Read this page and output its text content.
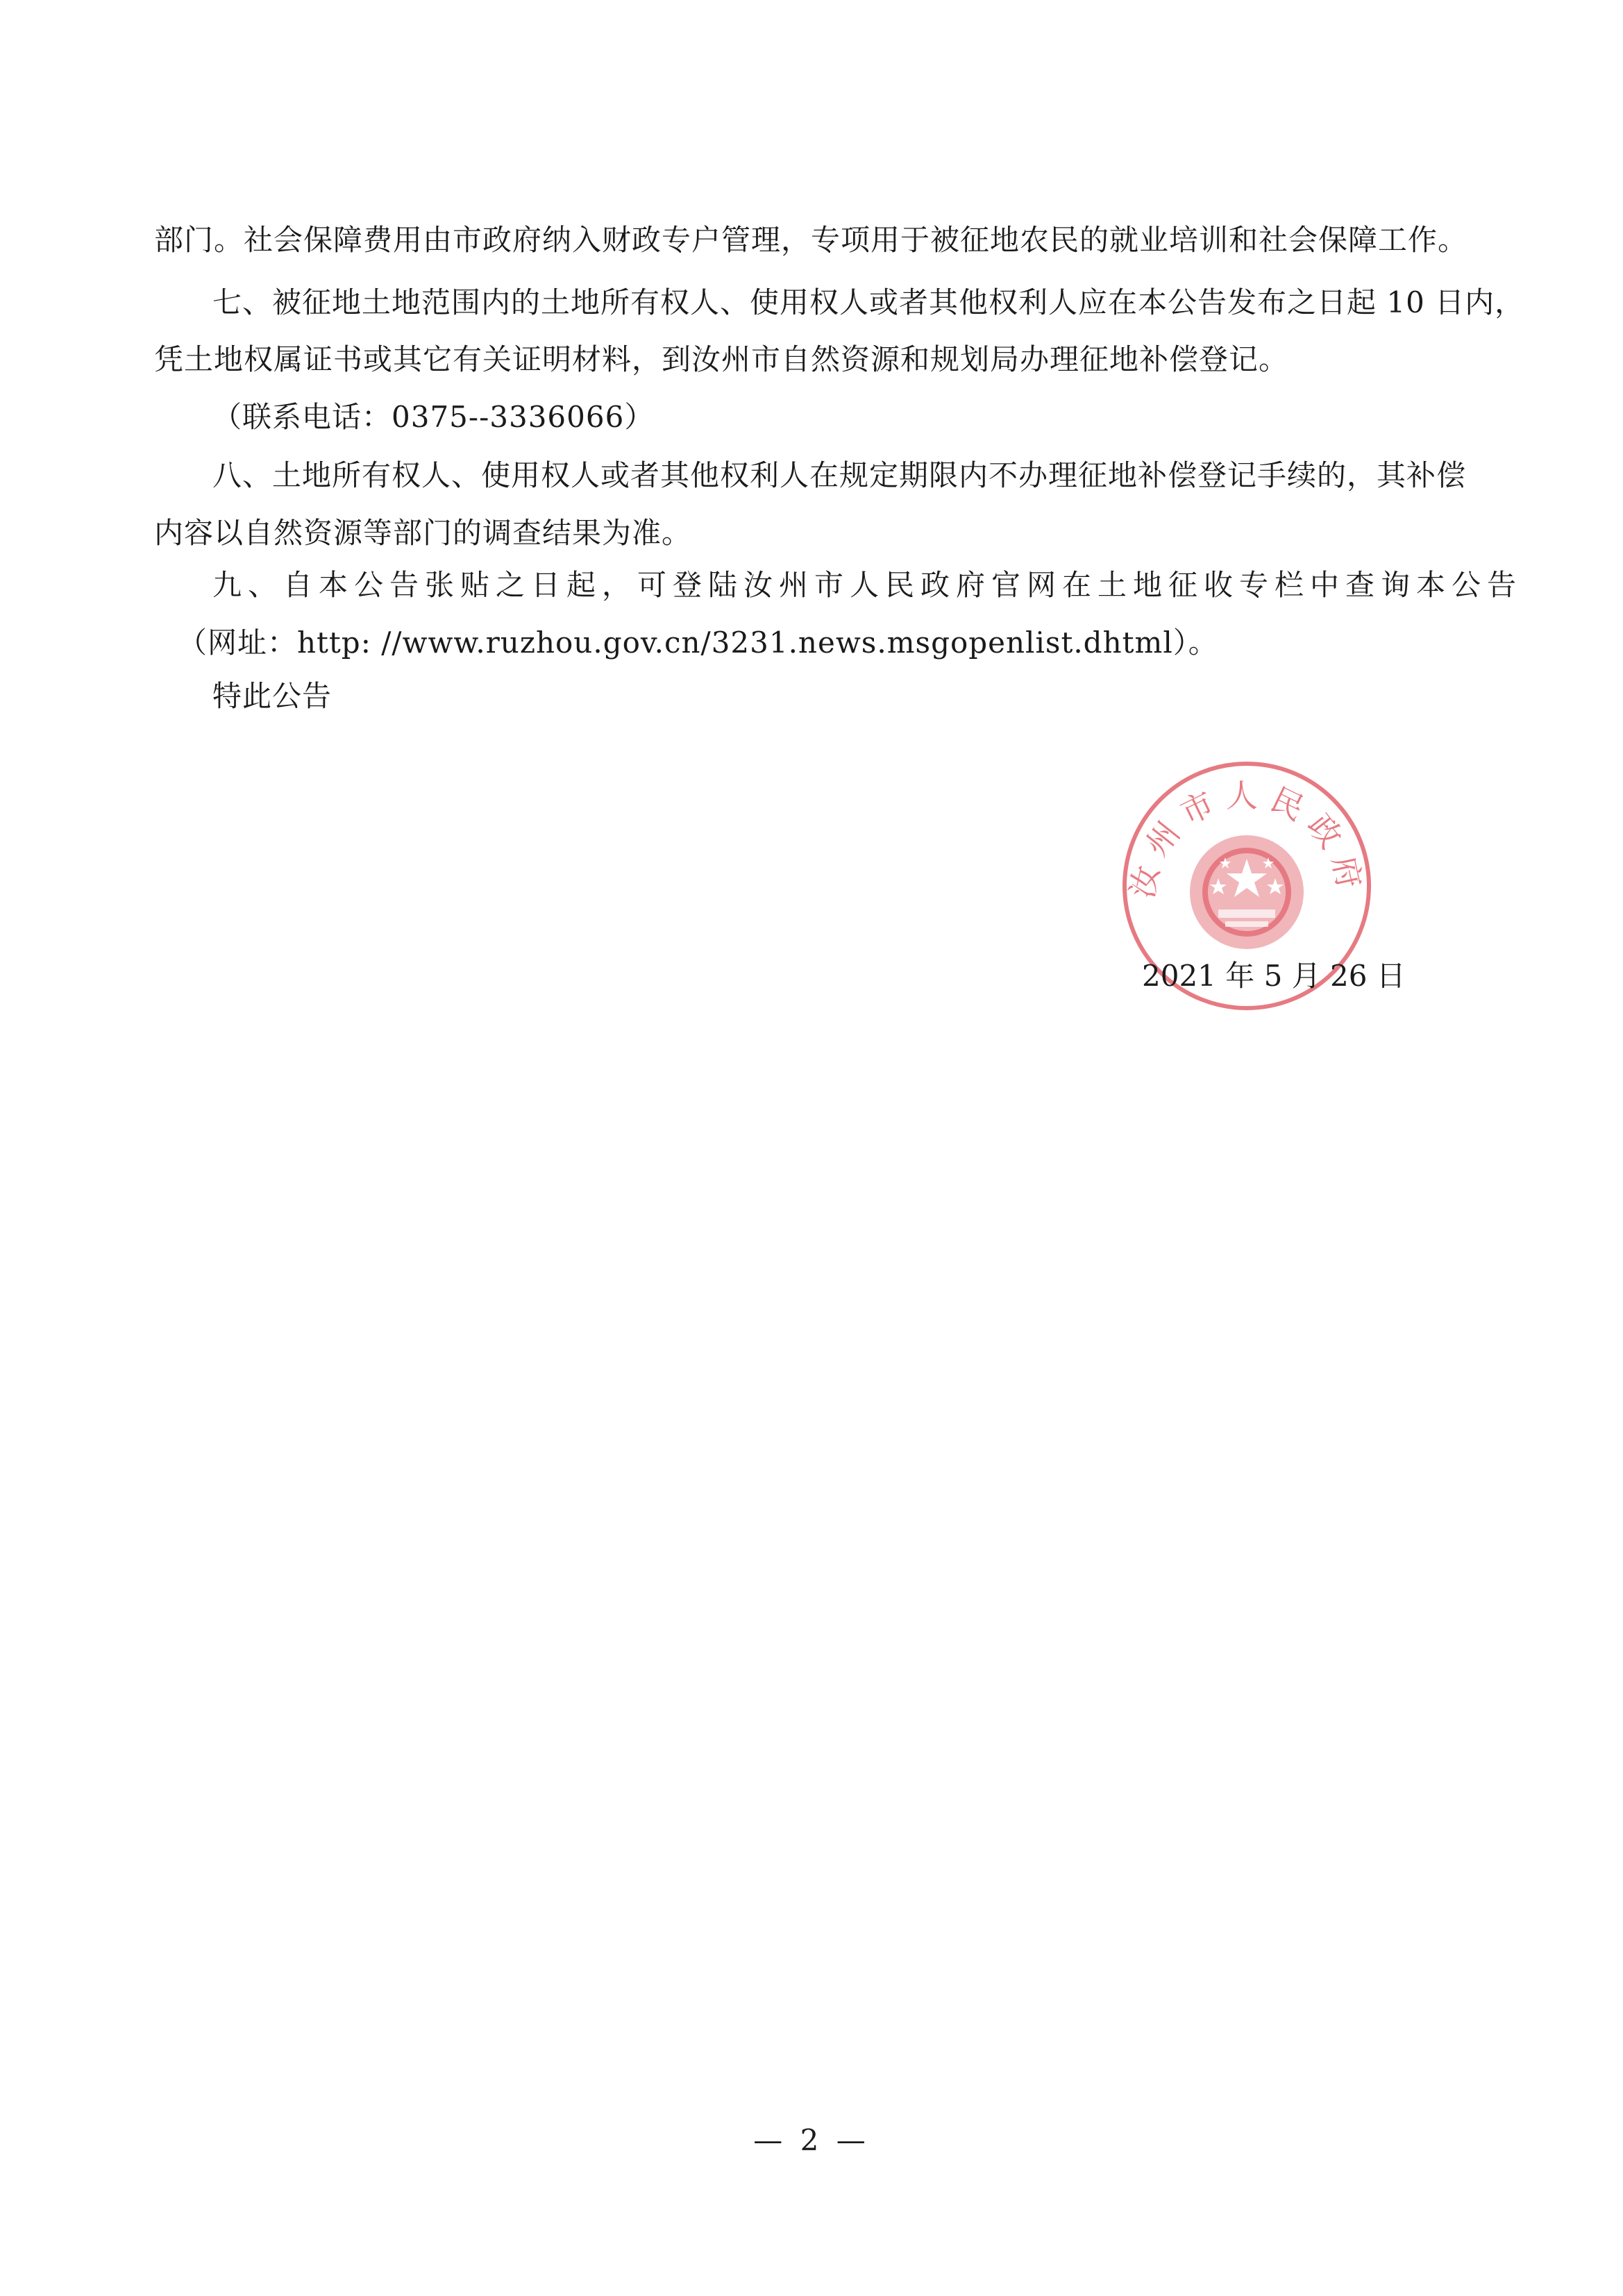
部门。社会保障费用由市政府纳入财政专户管理，专项用于被征地农民的就业培训和社会保障工作。
七、被征地土地范围内的土地所有权人、使用权人或者其他权利人应在本公告发布之日起 10 日内，
凭土地权属证书或其它有关证明材料，到汝州市自然资源和规划局办理征地补偿登记。
（联系电话：0375--3336066）
八、土地所有权人、使用权人或者其他权利人在规定期限内不办理征地补偿登记手续的，其补偿
内容以自然资源等部门的调查结果为准。
九、自本公告张贴之日起，可登陆汝州市人民政府官网在土地征收专栏中查询本公告
（网址：http: //www.ruzhou.gov.cn/3231.news.msgopenlist.dhtml）。
特此公告
汝州市人民政府
2021 年 5 月 26 日
— 2 —
